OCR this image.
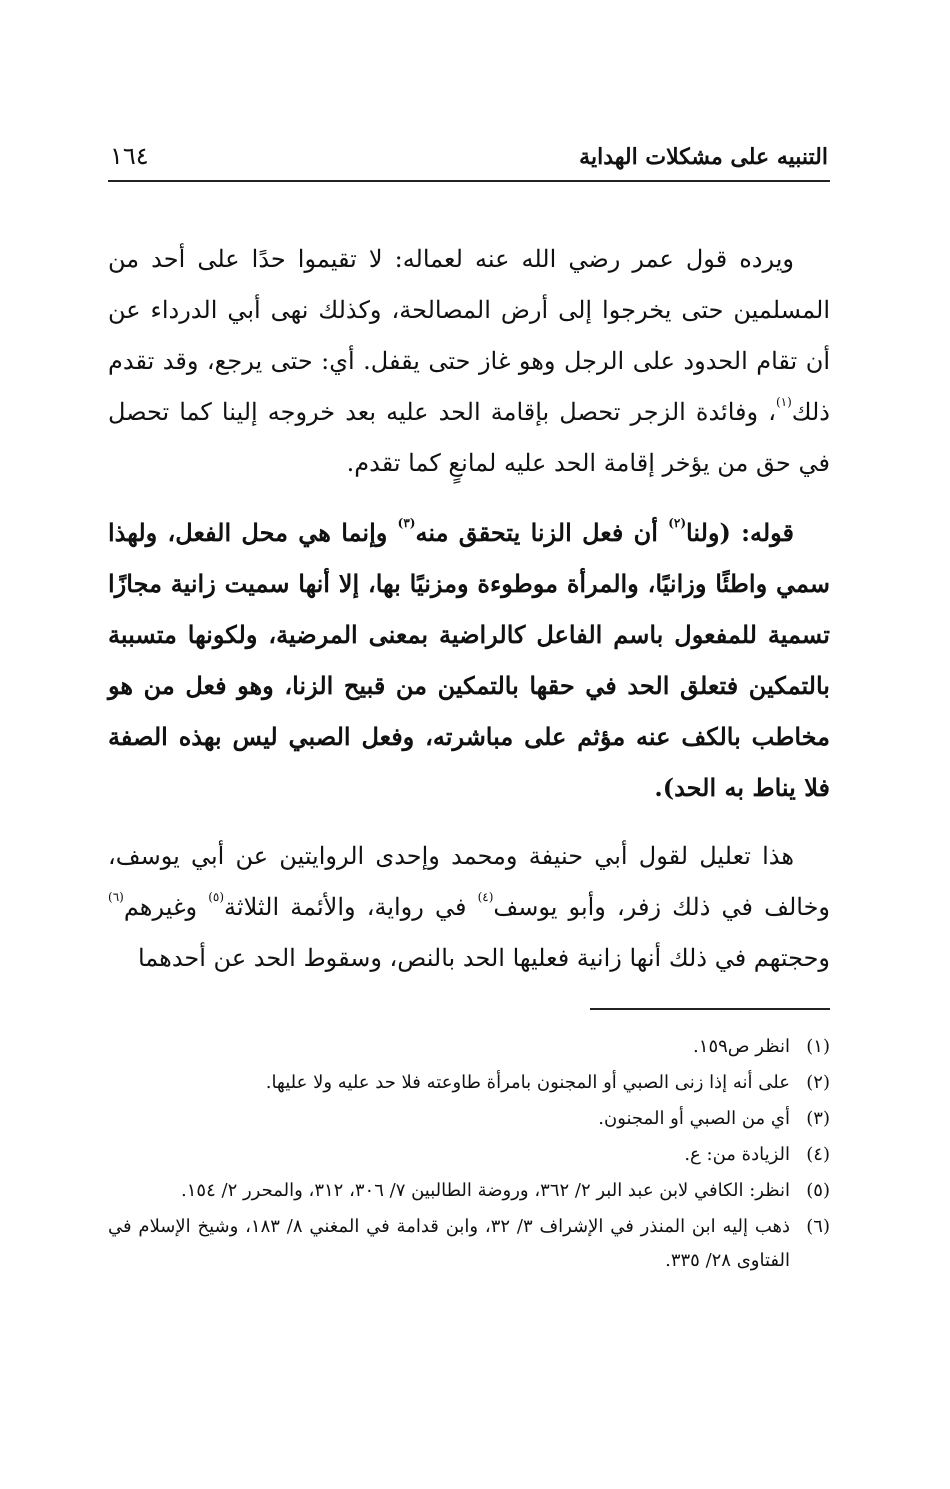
التنبيه على مشكلات الهداية
١٦٤

ويرده قول عمر رضي الله عنه لعماله: لا تقيموا حدًا على أحد من المسلمين حتى يخرجوا إلى أرض المصالحة، وكذلك نهى أبي الدرداء عن أن تقام الحدود على الرجل وهو غاز حتى يقفل. أي: حتى يرجع، وقد تقدم ذلك$^{(١)}$، وفائدة الزجر تحصل بإقامة الحد عليه بعد خروجه إلينا كما تحصل في حق من يؤخر إقامة الحد عليه لمانعٍ كما تقدم.

قوله: (ولنا$^{(٢)}$ أن فعل الزنا يتحقق منه$^{(٣)}$ وإنما هي محل الفعل، ولهذا سمي واطئًا وزانيًا، والمرأة موطوءة ومزنيًا بها، إلا أنها سميت زانية مجازًا تسمية للمفعول باسم الفاعل كالراضية بمعنى المرضية، ولكونها متسببة بالتمكين فتعلق الحد في حقها بالتمكين من قبيح الزنا، وهو فعل من هو مخاطب بالكف عنه مؤثم على مباشرته، وفعل الصبي ليس بهذه الصفة فلا يناط به الحد).

هذا تعليل لقول أبي حنيفة ومحمد وإحدى الروايتين عن أبي يوسف، وخالف في ذلك زفر، وأبو يوسف$^{(٤)}$ في رواية، والأئمة الثلاثة$^{(٥)}$ وغيرهم$^{(٦)}$ وحجتهم في ذلك أنها زانية فعليها الحد بالنص، وسقوط الحد عن أحدهما

(١)
انظر ص١٥٩.
(٢)
على أنه إذا زنى الصبي أو المجنون بامرأة طاوعته فلا حد عليه ولا عليها.
(٣)
أي من الصبي أو المجنون.
(٤)
الزيادة من: ع.
(٥)
انظر: الكافي لابن عبد البر ٢/ ٣٦٢، وروضة الطالبين ٧/ ٣٠٦، ٣١٢، والمحرر ٢/ ١٥٤.
(٦)
ذهب إليه ابن المنذر في الإشراف ٣/ ٣٢، وابن قدامة في المغني ٨/ ١٨٣، وشيخ الإسلام في الفتاوى ٢٨/ ٣٣٥.
